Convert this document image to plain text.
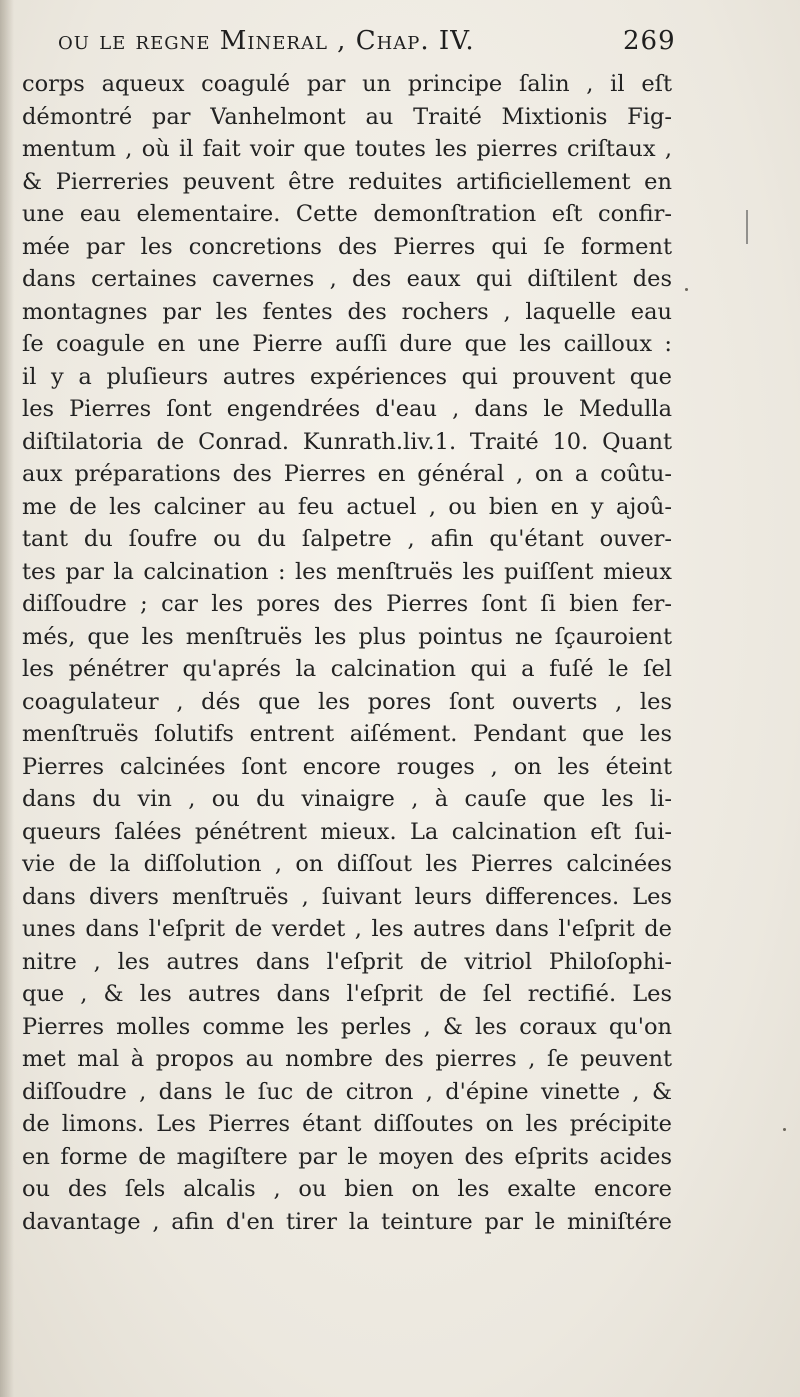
ou le regne Mineral , Chap. IV.	269
corps aqueux coagulé par un principe ſalin , il eſt
démontré par Vanhelmont au Traité Mixtionis Fig-
mentum , où il fait voir que toutes les pierres criſtaux ,
& Pierreries peuvent être reduites artificiellement en
une eau elementaire. Cette demonſtration eſt confir-
mée par les concretions des Pierres qui ſe forment
dans certaines cavernes , des eaux qui diſtilent des
montagnes par les fentes des rochers , laquelle eau
ſe coagule en une Pierre auſſi dure que les cailloux :
il y a pluſieurs autres expériences qui prouvent que
les Pierres ſont engendrées d'eau , dans le Medulla
diſtilatoria de Conrad. Kunrath.liv.1. Traité 10. Quant
aux préparations des Pierres en général , on a coûtu-
me de les calciner au feu actuel , ou bien en y ajoû-
tant du ſoufre ou du ſalpetre , afin qu'étant ouver-
tes par la calcination : les menſtruës les puiſſent mieux
diſſoudre ; car les pores des Pierres ſont ſi bien fer-
més, que les menſtruës les plus pointus ne ſçauroient
les pénétrer qu'aprés la calcination qui a fuſé le ſel
coagulateur , dés que les pores ſont ouverts , les
menſtruës ſolutifs entrent aiſément. Pendant que les
Pierres calcinées ſont encore rouges , on les éteint
dans du vin , ou du vinaigre , à cauſe que les li-
queurs ſalées pénétrent mieux. La calcination eſt ſui-
vie de la diſſolution , on diſſout les Pierres calcinées
dans divers menſtruës , ſuivant leurs differences. Les
unes dans l'eſprit de verdet , les autres dans l'eſprit de
nitre , les autres dans l'eſprit de vitriol Philoſophi-
que , & les autres dans l'eſprit de ſel rectifié. Les
Pierres molles comme les perles , & les coraux qu'on
met mal à propos au nombre des pierres , ſe peuvent
diſſoudre , dans le ſuc de citron , d'épine vinette , &
de limons. Les Pierres étant diſſoutes on les précipite
en forme de magiſtere par le moyen des eſprits acides
ou des ſels alcalis , ou bien on les exalte encore
davantage , afin d'en tirer la teinture par le miniſtére
